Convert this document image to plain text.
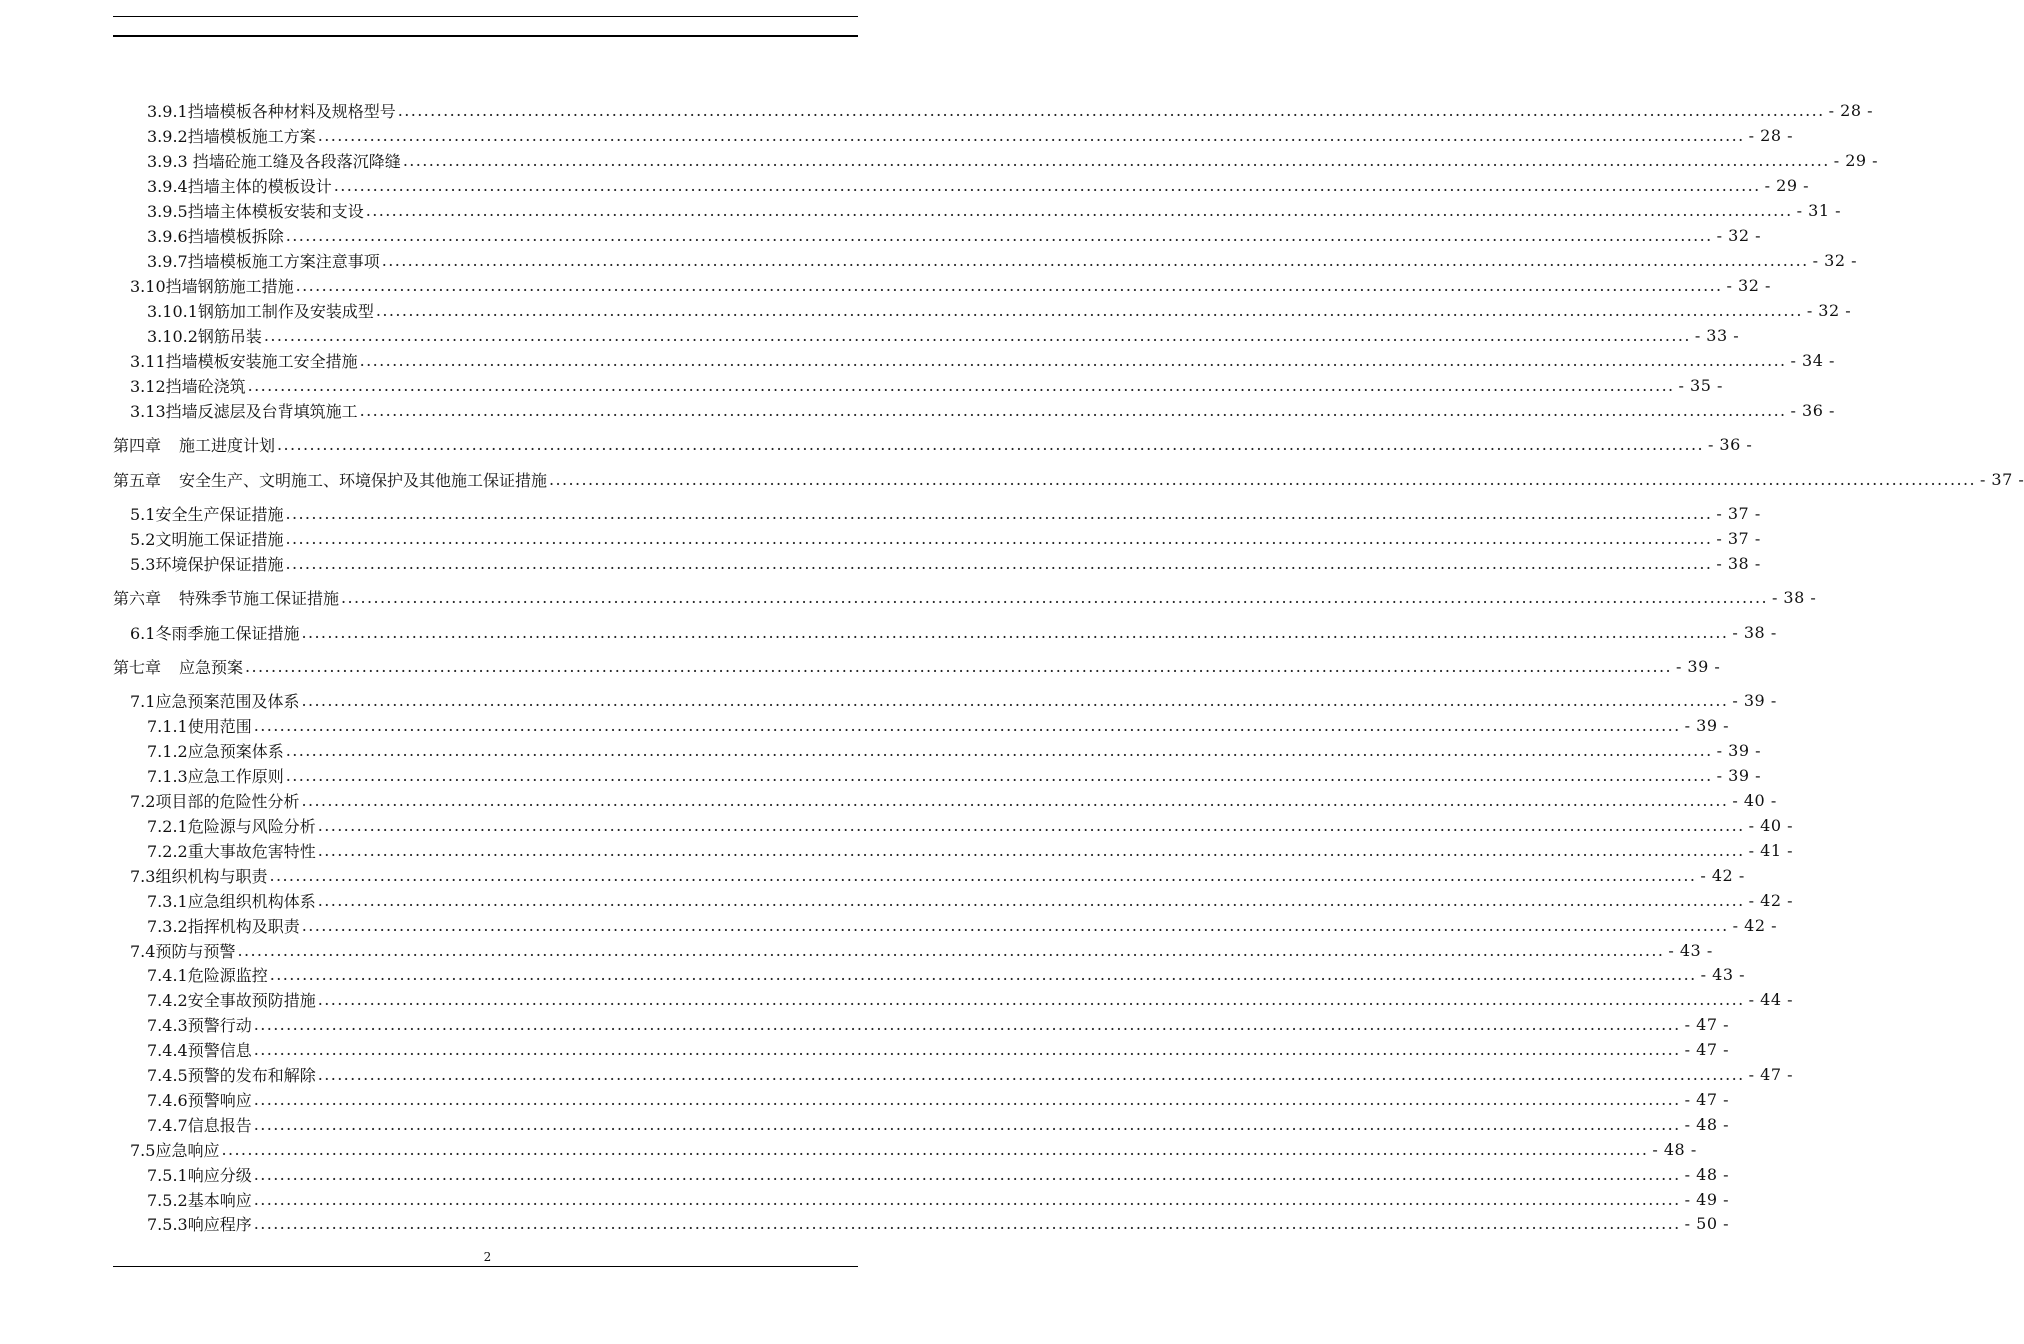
3.9.1挡墙模板各种材料及规格型号 ............................................................................................................................................................................................................................ - 28 -
3.9.2挡墙模板施工方案 ............................................................................................................................................................................................................................ - 28 -
3.9.3 挡墙砼施工缝及各段落沉降缝 ............................................................................................................................................................................................................................ - 29 -
3.9.4挡墙主体的模板设计 ............................................................................................................................................................................................................................ - 29 -
3.9.5挡墙主体模板安装和支设 ............................................................................................................................................................................................................................ - 31 -
3.9.6挡墙模板拆除 ............................................................................................................................................................................................................................ - 32 -
3.9.7挡墙模板施工方案注意事项 ............................................................................................................................................................................................................................ - 32 -
3.10挡墙钢筋施工措施 ............................................................................................................................................................................................................................ - 32 -
3.10.1钢筋加工制作及安装成型 ............................................................................................................................................................................................................................ - 32 -
3.10.2钢筋吊装 ............................................................................................................................................................................................................................ - 33 -
3.11挡墙模板安装施工安全措施 ............................................................................................................................................................................................................................ - 34 -
3.12挡墙砼浇筑 ............................................................................................................................................................................................................................ - 35 -
3.13挡墙反滤层及台背填筑施工 ............................................................................................................................................................................................................................ - 36 -
第四章 施工进度计划 ............................................................................................................................................................................................................................ - 36 -
第五章 安全生产、文明施工、环境保护及其他施工保证措施 ............................................................................................................................................................................................................................ - 37 -
5.1安全生产保证措施 ............................................................................................................................................................................................................................ - 37 -
5.2文明施工保证措施 ............................................................................................................................................................................................................................ - 37 -
5.3环境保护保证措施 ............................................................................................................................................................................................................................ - 38 -
第六章 特殊季节施工保证措施 ............................................................................................................................................................................................................................ - 38 -
6.1冬雨季施工保证措施 ............................................................................................................................................................................................................................ - 38 -
第七章 应急预案 ............................................................................................................................................................................................................................ - 39 -
7.1应急预案范围及体系 ............................................................................................................................................................................................................................ - 39 -
7.1.1使用范围 ............................................................................................................................................................................................................................ - 39 -
7.1.2应急预案体系 ............................................................................................................................................................................................................................ - 39 -
7.1.3应急工作原则 ............................................................................................................................................................................................................................ - 39 -
7.2项目部的危险性分析 ............................................................................................................................................................................................................................ - 40 -
7.2.1危险源与风险分析 ............................................................................................................................................................................................................................ - 40 -
7.2.2重大事故危害特性 ............................................................................................................................................................................................................................ - 41 -
7.3组织机构与职责 ............................................................................................................................................................................................................................ - 42 -
7.3.1应急组织机构体系 ............................................................................................................................................................................................................................ - 42 -
7.3.2指挥机构及职责 ............................................................................................................................................................................................................................ - 42 -
7.4预防与预警 ............................................................................................................................................................................................................................ - 43 -
7.4.1危险源监控 ............................................................................................................................................................................................................................ - 43 -
7.4.2安全事故预防措施 ............................................................................................................................................................................................................................ - 44 -
7.4.3预警行动 ............................................................................................................................................................................................................................ - 47 -
7.4.4预警信息 ............................................................................................................................................................................................................................ - 47 -
7.4.5预警的发布和解除 ............................................................................................................................................................................................................................ - 47 -
7.4.6预警响应 ............................................................................................................................................................................................................................ - 47 -
7.4.7信息报告 ............................................................................................................................................................................................................................ - 48 -
7.5应急响应 ............................................................................................................................................................................................................................ - 48 -
7.5.1响应分级 ............................................................................................................................................................................................................................ - 48 -
7.5.2基本响应 ............................................................................................................................................................................................................................ - 49 -
7.5.3响应程序 ............................................................................................................................................................................................................................ - 50 -
2
